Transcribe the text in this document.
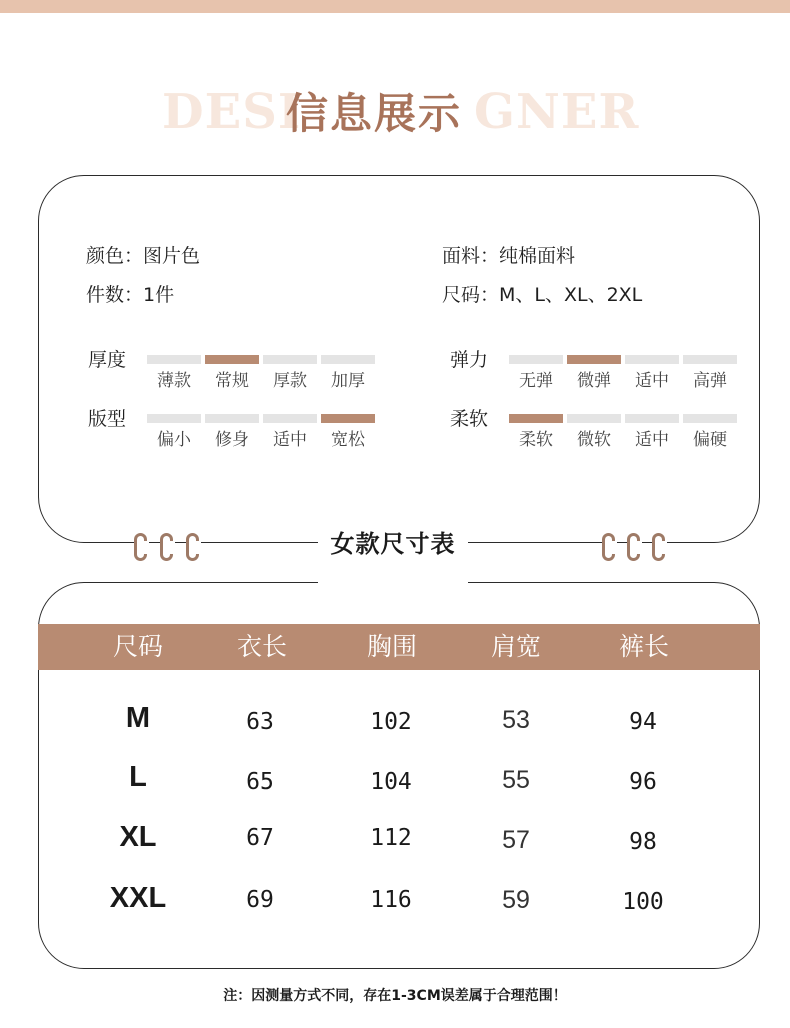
DESI	GNER
信息展示
颜色：图片色	面料：纯棉面料
件数：1件	尺码：M、L、XL、2XL
厚度
薄款 常规 厚款 加厚
弹力
无弹 微弹 适中 高弹
版型
偏小 修身 适中 宽松
柔软
柔软 微软 适中 偏硬
女款尺寸表
尺码	衣长	胸围	肩宽	裤长
M	63	102	53	94
L	65	104	55	96
XL	67	112	57	98
XXL	69	116	59	100
注：因测量方式不同，存在1-3CM误差属于合理范围！
